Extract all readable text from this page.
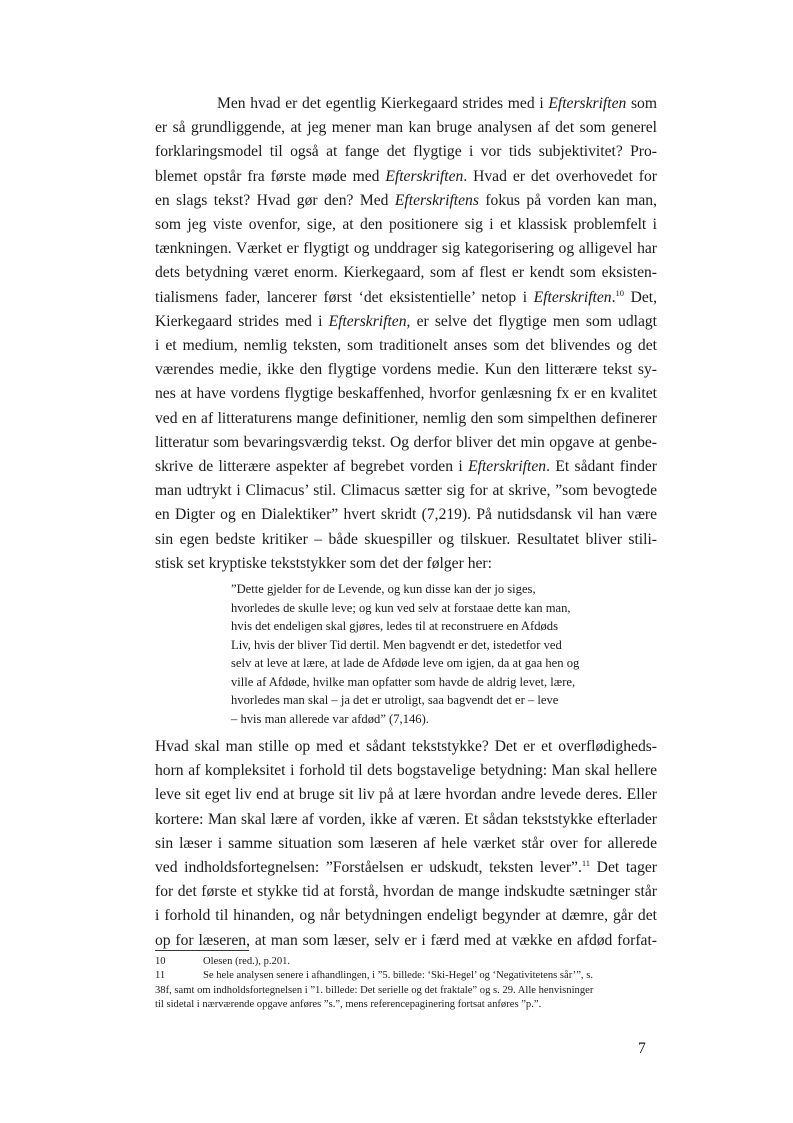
Men hvad er det egentlig Kierkegaard strides med i Efterskriften som
er så grundliggende, at jeg mener man kan bruge analysen af det som generel
forklaringsmodel til også at fange det flygtige i vor tids subjektivitet? Pro-
blemet opstår fra første møde med Efterskriften. Hvad er det overhovedet for
en slags tekst? Hvad gør den? Med Efterskriftens fokus på vorden kan man,
som jeg viste ovenfor, sige, at den positionere sig i et klassisk problemfelt i
tænkningen. Værket er flygtigt og unddrager sig kategorisering og alligevel har
dets betydning været enorm. Kierkegaard, som af flest er kendt som eksisten-
tialismens fader, lancerer først ‘det eksistentielle’ netop i Efterskriften.$^{10}$ Det,
Kierkegaard strides med i Efterskriften, er selve det flygtige men som udlagt
i et medium, nemlig teksten, som traditionelt anses som det blivendes og det
værendes medie, ikke den flygtige vordens medie. Kun den litterære tekst sy-
nes at have vordens flygtige beskaffenhed, hvorfor genlæsning fx er en kvalitet
ved en af litteraturens mange definitioner, nemlig den som simpelthen definerer
litteratur som bevaringsværdig tekst. Og derfor bliver det min opgave at genbe-
skrive de litterære aspekter af begrebet vorden i Efterskriften. Et sådant finder
man udtrykt i Climacus’ stil. Climacus sætter sig for at skrive, ”som bevogtede
en Digter og en Dialektiker” hvert skridt (7,219). På nutidsdansk vil han være
sin egen bedste kritiker – både skuespiller og tilskuer. Resultatet bliver stili-
stisk set kryptiske tekststykker som det der følger her:
”Dette gjelder for de Levende, og kun disse kan der jo siges,
hvorledes de skulle leve; og kun ved selv at forstaae dette kan man,
hvis det endeligen skal gjøres, ledes til at reconstruere en Afdøds
Liv, hvis der bliver Tid dertil. Men bagvendt er det, istedetfor ved
selv at leve at lære, at lade de Afdøde leve om igjen, da at gaa hen og
ville af Afdøde, hvilke man opfatter som havde de aldrig levet, lære,
hvorledes man skal – ja det er utroligt, saa bagvendt det er – leve
– hvis man allerede var afdød” (7,146).
Hvad skal man stille op med et sådant tekststykke? Det er et overflødigheds-
horn af kompleksitet i forhold til dets bogstavelige betydning: Man skal hellere
leve sit eget liv end at bruge sit liv på at lære hvordan andre levede deres. Eller
kortere: Man skal lære af vorden, ikke af væren. Et sådan tekststykke efterlader
sin læser i samme situation som læseren af hele værket står over for allerede
ved indholdsfortegnelsen: ”Forståelsen er udskudt, teksten lever”.$^{11}$ Det tager
for det første et stykke tid at forstå, hvordan de mange indskudte sætninger står
i forhold til hinanden, og når betydningen endeligt begynder at dæmre, går det
op for læseren, at man som læser, selv er i færd med at vække en afdød forfat-
10	Olesen (red.), p.201.
11	Se hele analysen senere i afhandlingen, i ”5. billede: ‘Ski-Hegel’ og ‘Negativitetens sår’”, s.
38f, samt om indholdsfortegnelsen i ”1. billede: Det serielle og det fraktale” og s. 29. Alle henvisninger
til sidetal i nærværende opgave anføres ”s.”, mens referencepaginering fortsat anføres ”p.”.
7
